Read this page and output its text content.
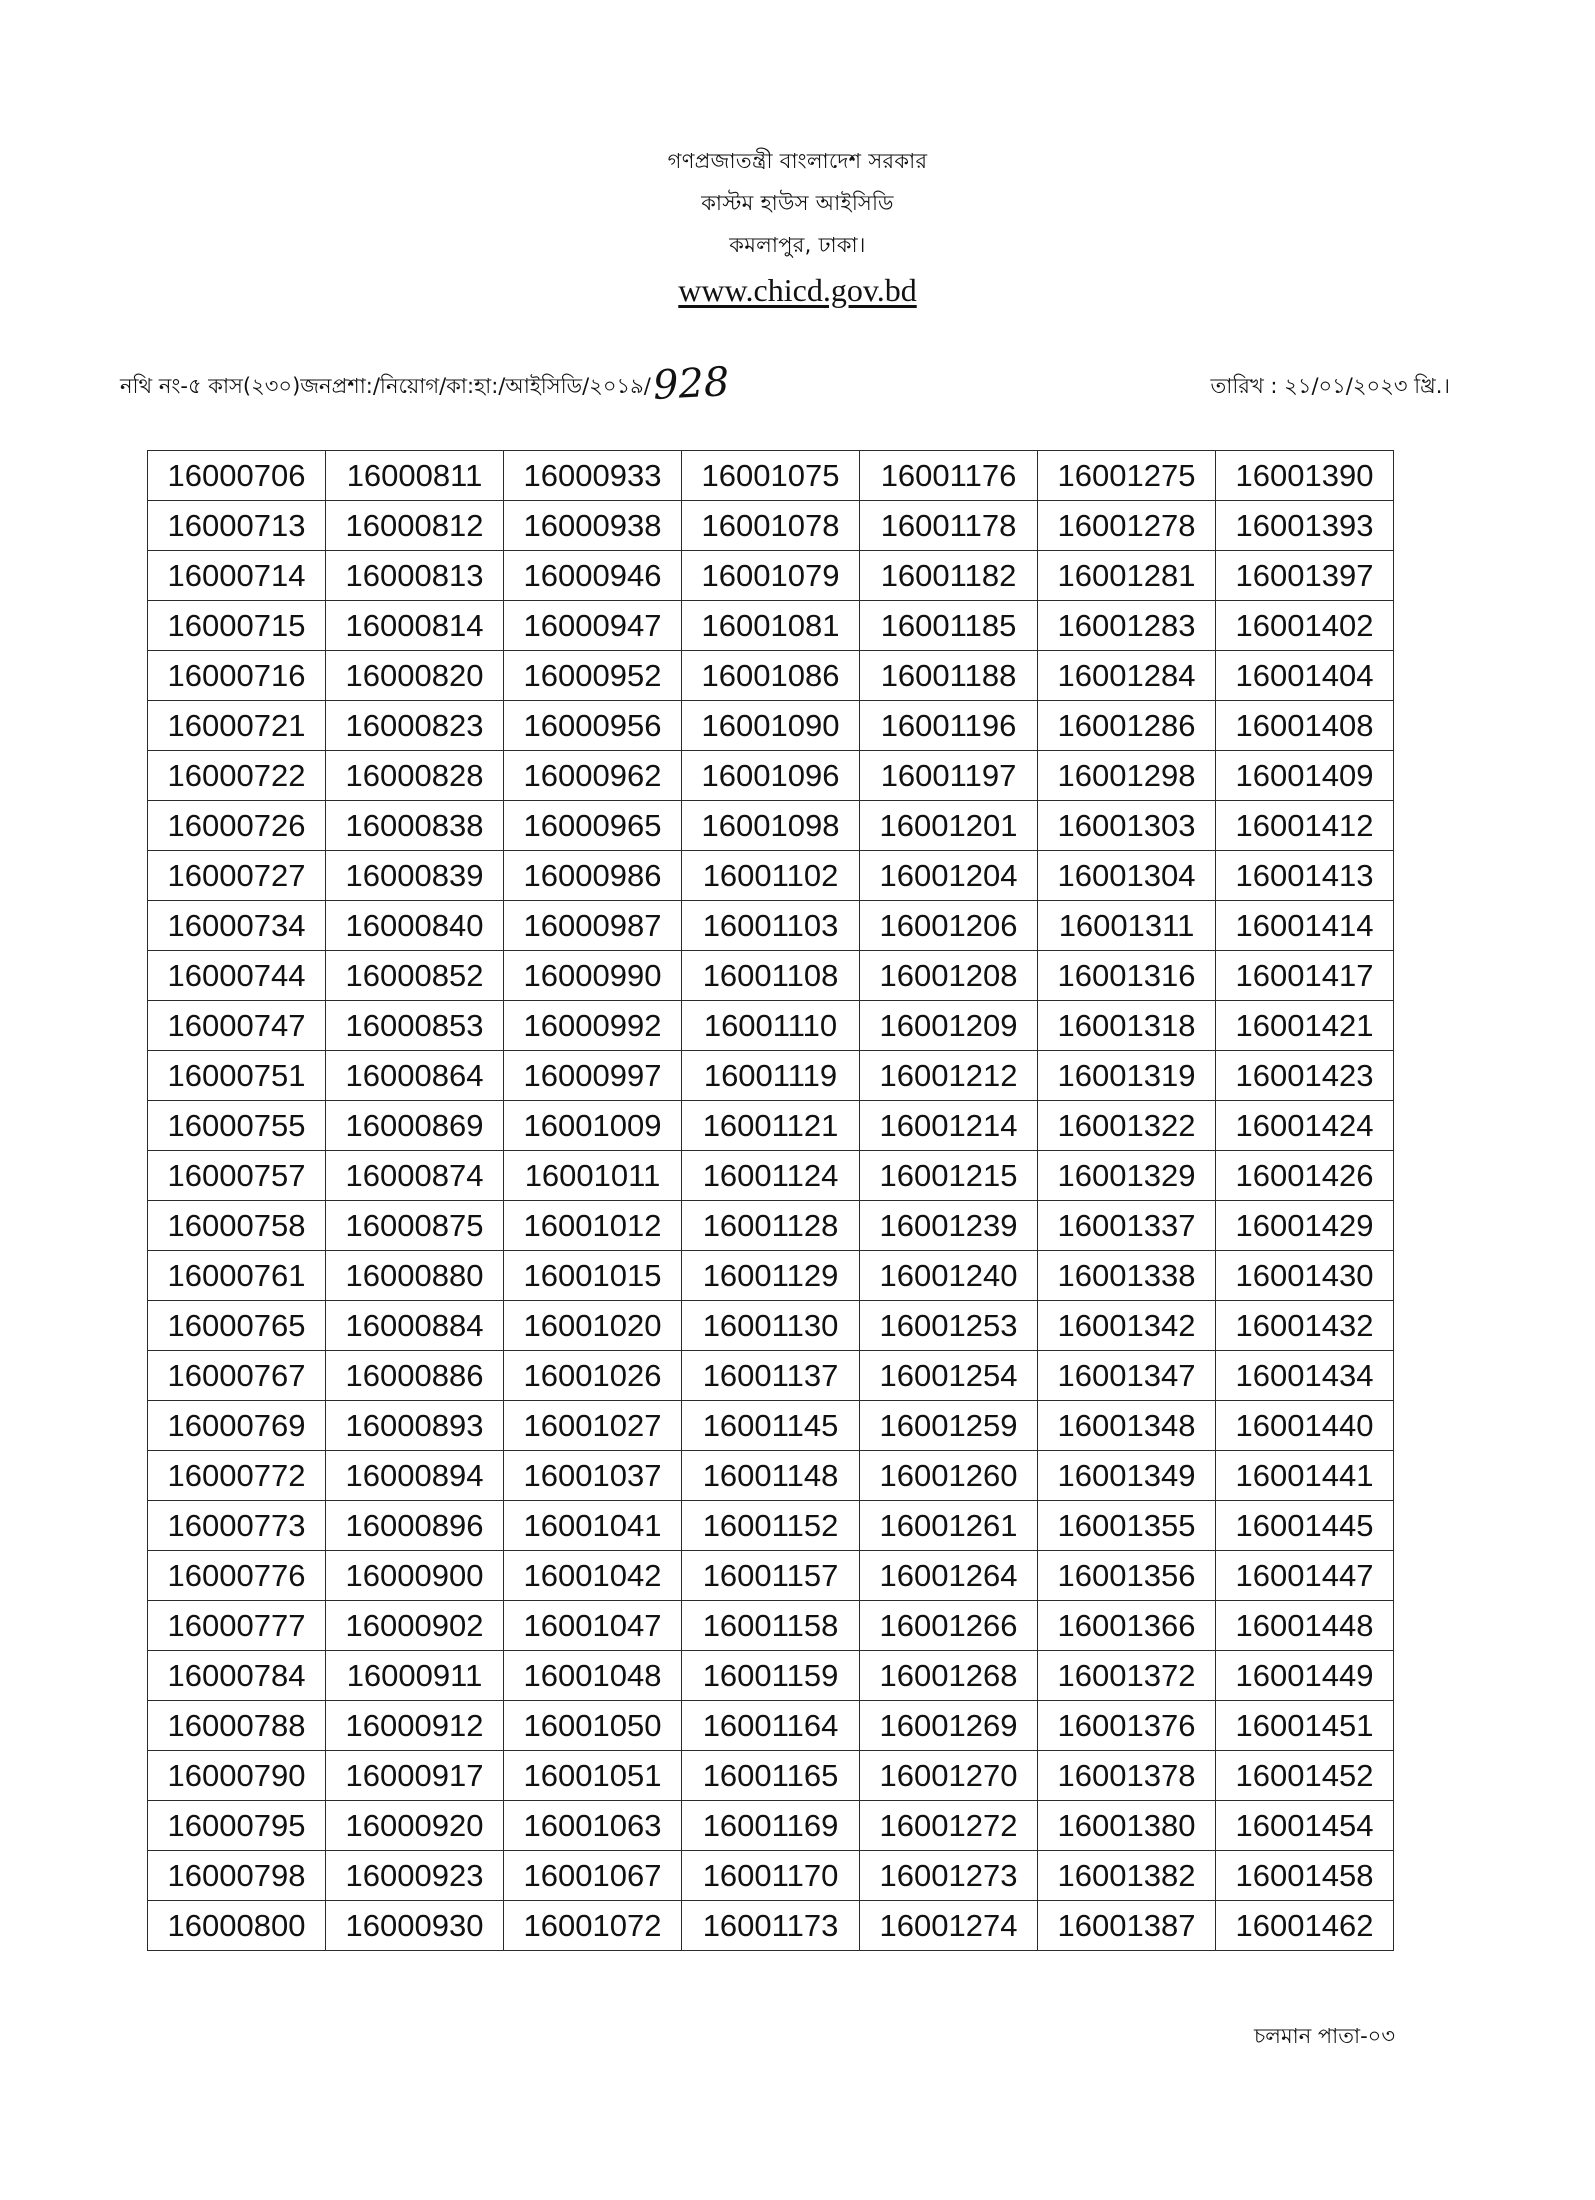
গণপ্রজাতন্ত্রী বাংলাদেশ সরকার
কাস্টম হাউস আইসিডি
কমলাপুর, ঢাকা।
www.chicd.gov.bd
নথি নং-৫ কাস(২৩০)জনপ্রশা:/নিয়োগ/কা:হা:/আইসিডি/২০১৯/928	তারিখ : ২১/০১/২০২৩ খ্রি.।
16000706	16000811	16000933	16001075	16001176	16001275	16001390
16000713	16000812	16000938	16001078	16001178	16001278	16001393
16000714	16000813	16000946	16001079	16001182	16001281	16001397
16000715	16000814	16000947	16001081	16001185	16001283	16001402
16000716	16000820	16000952	16001086	16001188	16001284	16001404
16000721	16000823	16000956	16001090	16001196	16001286	16001408
16000722	16000828	16000962	16001096	16001197	16001298	16001409
16000726	16000838	16000965	16001098	16001201	16001303	16001412
16000727	16000839	16000986	16001102	16001204	16001304	16001413
16000734	16000840	16000987	16001103	16001206	16001311	16001414
16000744	16000852	16000990	16001108	16001208	16001316	16001417
16000747	16000853	16000992	16001110	16001209	16001318	16001421
16000751	16000864	16000997	16001119	16001212	16001319	16001423
16000755	16000869	16001009	16001121	16001214	16001322	16001424
16000757	16000874	16001011	16001124	16001215	16001329	16001426
16000758	16000875	16001012	16001128	16001239	16001337	16001429
16000761	16000880	16001015	16001129	16001240	16001338	16001430
16000765	16000884	16001020	16001130	16001253	16001342	16001432
16000767	16000886	16001026	16001137	16001254	16001347	16001434
16000769	16000893	16001027	16001145	16001259	16001348	16001440
16000772	16000894	16001037	16001148	16001260	16001349	16001441
16000773	16000896	16001041	16001152	16001261	16001355	16001445
16000776	16000900	16001042	16001157	16001264	16001356	16001447
16000777	16000902	16001047	16001158	16001266	16001366	16001448
16000784	16000911	16001048	16001159	16001268	16001372	16001449
16000788	16000912	16001050	16001164	16001269	16001376	16001451
16000790	16000917	16001051	16001165	16001270	16001378	16001452
16000795	16000920	16001063	16001169	16001272	16001380	16001454
16000798	16000923	16001067	16001170	16001273	16001382	16001458
16000800	16000930	16001072	16001173	16001274	16001387	16001462
চলমান পাতা-০৩
